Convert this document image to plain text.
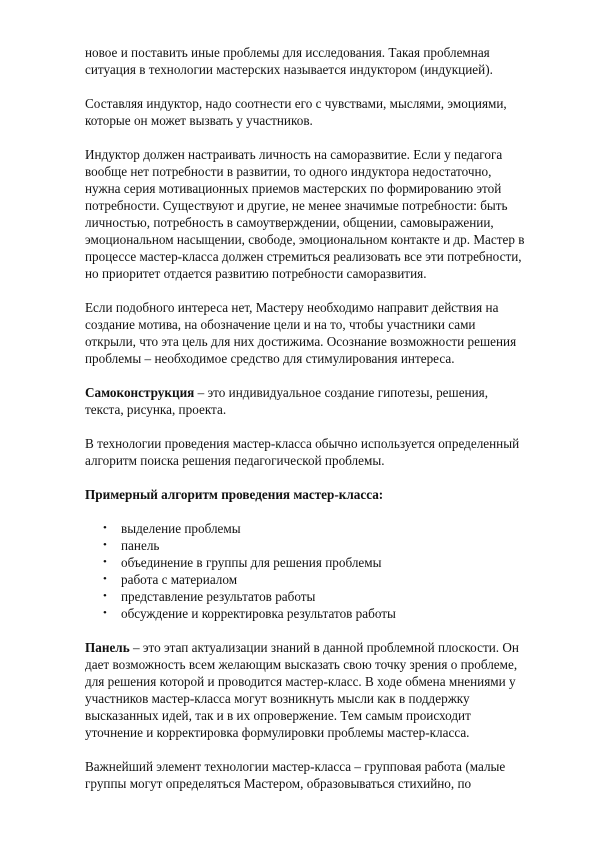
новое и поставить иные проблемы для исследования. Такая проблемная ситуация в технологии мастерских называется индуктором (индукцией).

Составляя индуктор, надо соотнести его с чувствами, мыслями, эмоциями, которые он может вызвать у участников.

Индуктор должен настраивать личность на саморазвитие. Если у педагога вообще нет потребности в развитии, то одного индуктора недостаточно, нужна серия мотивационных приемов мастерских по формированию этой потребности. Существуют и другие, не менее значимые потребности: быть личностью, потребность в самоутверждении, общении, самовыражении, эмоциональном насыщении, свободе, эмоциональном контакте и др. Мастер в процессе мастер-класса должен стремиться реализовать все эти потребности, но приоритет отдается развитию потребности саморазвития.

Если подобного интереса нет, Мастеру необходимо направит действия на создание мотива, на обозначение цели и на то, чтобы участники сами открыли, что эта цель для них достижима. Осознание возможности решения проблемы – необходимое средство для стимулирования интереса.

Самоконструкция – это индивидуальное создание гипотезы, решения, текста, рисунка, проекта.

В технологии проведения мастер-класса обычно используется определенный алгоритм поиска решения педагогической проблемы.

Примерный алгоритм проведения мастер-класса:

• выделение проблемы
• панель
• объединение в группы для решения проблемы
• работа с материалом
• представление результатов работы
• обсуждение и корректировка результатов работы

Панель – это этап актуализации знаний в данной проблемной плоскости. Он дает возможность всем желающим высказать свою точку зрения о проблеме, для решения которой и проводится мастер-класс. В ходе обмена мнениями у участников мастер-класса могут возникнуть мысли как в поддержку высказанных идей, так и в их опровержение. Тем самым происходит уточнение и корректировка формулировки проблемы мастер-класса.

Важнейший элемент технологии мастер-класса – групповая работа (малые группы могут определяться Мастером, образовываться стихийно, по
